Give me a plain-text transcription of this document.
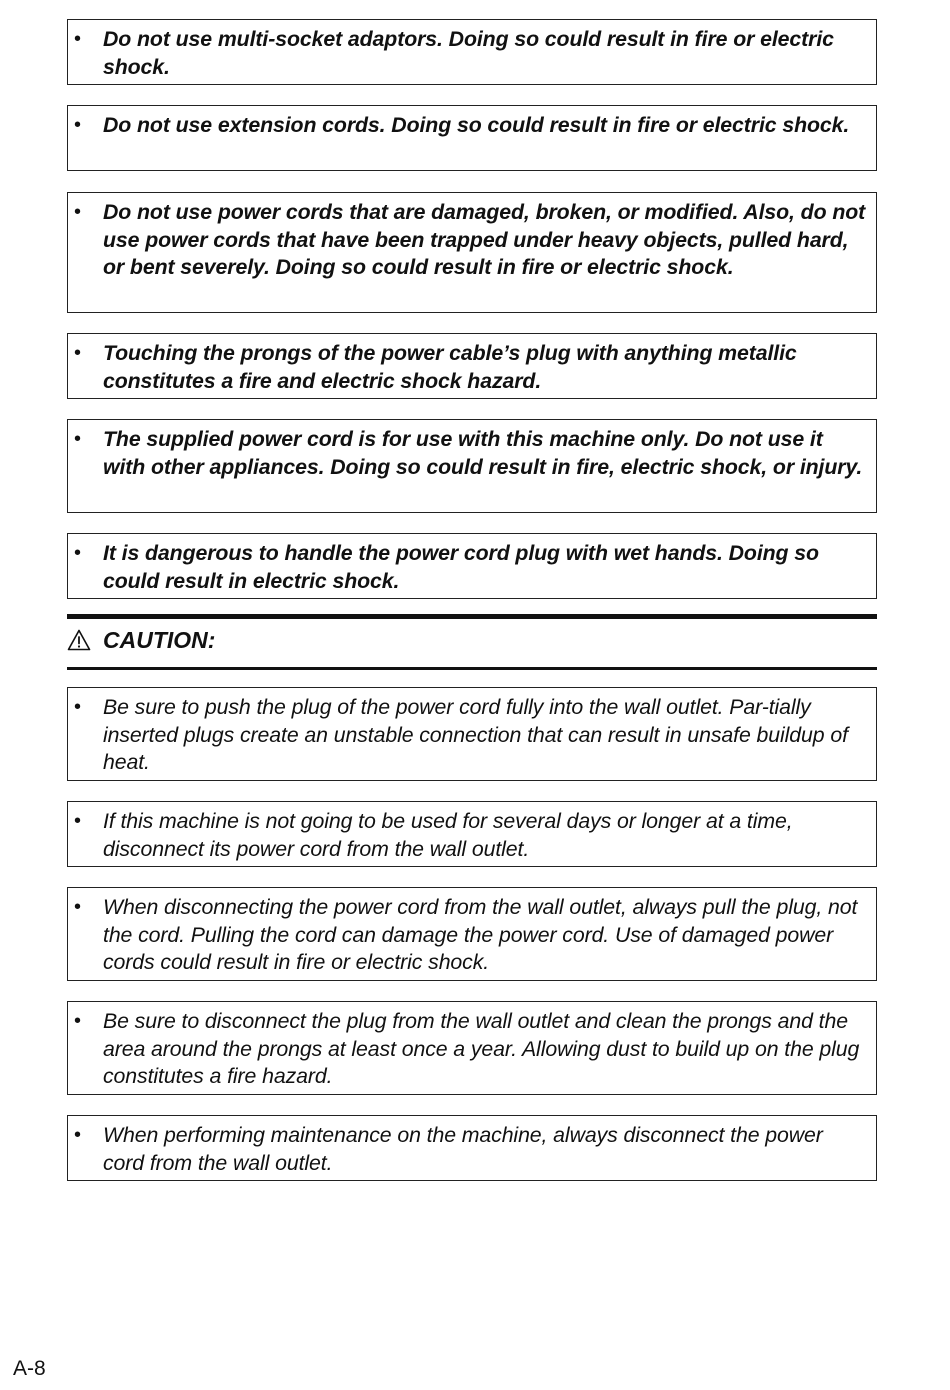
• Do not use multi-socket adaptors. Doing so could result in fire or electric shock.
• Do not use extension cords. Doing so could result in fire or electric shock.
• Do not use power cords that are damaged, broken, or modified. Also, do not use power cords that have been trapped under heavy objects, pulled hard, or bent severely. Doing so could result in fire or electric shock.
• Touching the prongs of the power cable’s plug with anything metallic constitutes a fire and electric shock hazard.
• The supplied power cord is for use with this machine only. Do not use it with other appliances. Doing so could result in fire, electric shock, or injury.
• It is dangerous to handle the power cord plug with wet hands. Doing so could result in electric shock.
CAUTION:
• Be sure to push the plug of the power cord fully into the wall outlet. Par-tially inserted plugs create an unstable connection that can result in unsafe buildup of heat.
• If this machine is not going to be used for several days or longer at a time, disconnect its power cord from the wall outlet.
• When disconnecting the power cord from the wall outlet, always pull the plug, not the cord. Pulling the cord can damage the power cord. Use of damaged power cords could result in fire or electric shock.
• Be sure to disconnect the plug from the wall outlet and clean the prongs and the area around the prongs at least once a year. Allowing dust to build up on the plug constitutes a fire hazard.
• When performing maintenance on the machine, always disconnect the power cord from the wall outlet.
A-8
